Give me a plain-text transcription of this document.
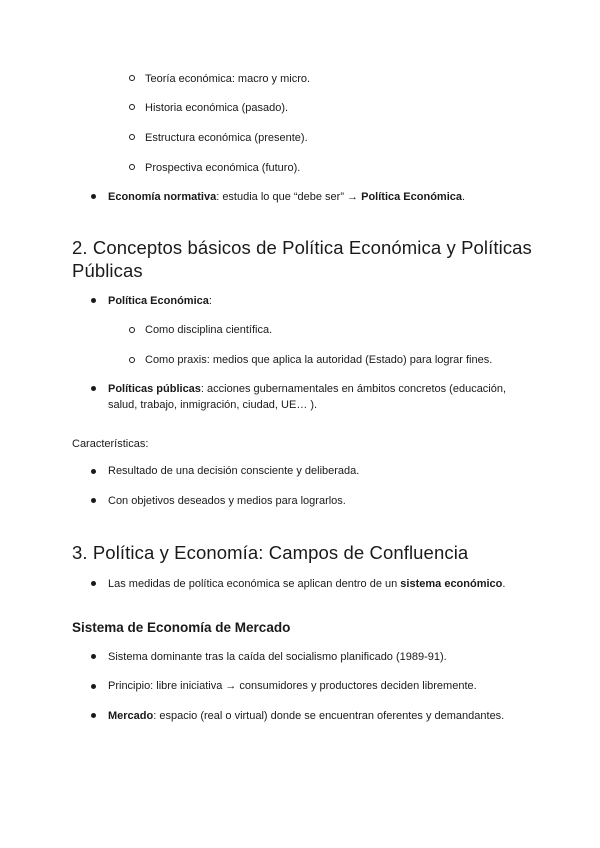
Teoría económica: macro y micro.

Historia económica (pasado).

Estructura económica (presente).

Prospectiva económica (futuro).

Economía normativa: estudia lo que “debe ser” → Política Económica.

2. Conceptos básicos de Política Económica y Políticas
Públicas

Política Económica:

Como disciplina científica.

Como praxis: medios que aplica la autoridad (Estado) para lograr fines.

Políticas públicas: acciones gubernamentales en ámbitos concretos (educación,
salud, trabajo, inmigración, ciudad, UE… ).

Características:

Resultado de una decisión consciente y deliberada.

Con objetivos deseados y medios para lograrlos.

3. Política y Economía: Campos de Confluencia

Las medidas de política económica se aplican dentro de un sistema económico.

Sistema de Economía de Mercado

Sistema dominante tras la caída del socialismo planificado (1989-91).

Principio: libre iniciativa → consumidores y productores deciden libremente.

Mercado: espacio (real o virtual) donde se encuentran oferentes y demandantes.
